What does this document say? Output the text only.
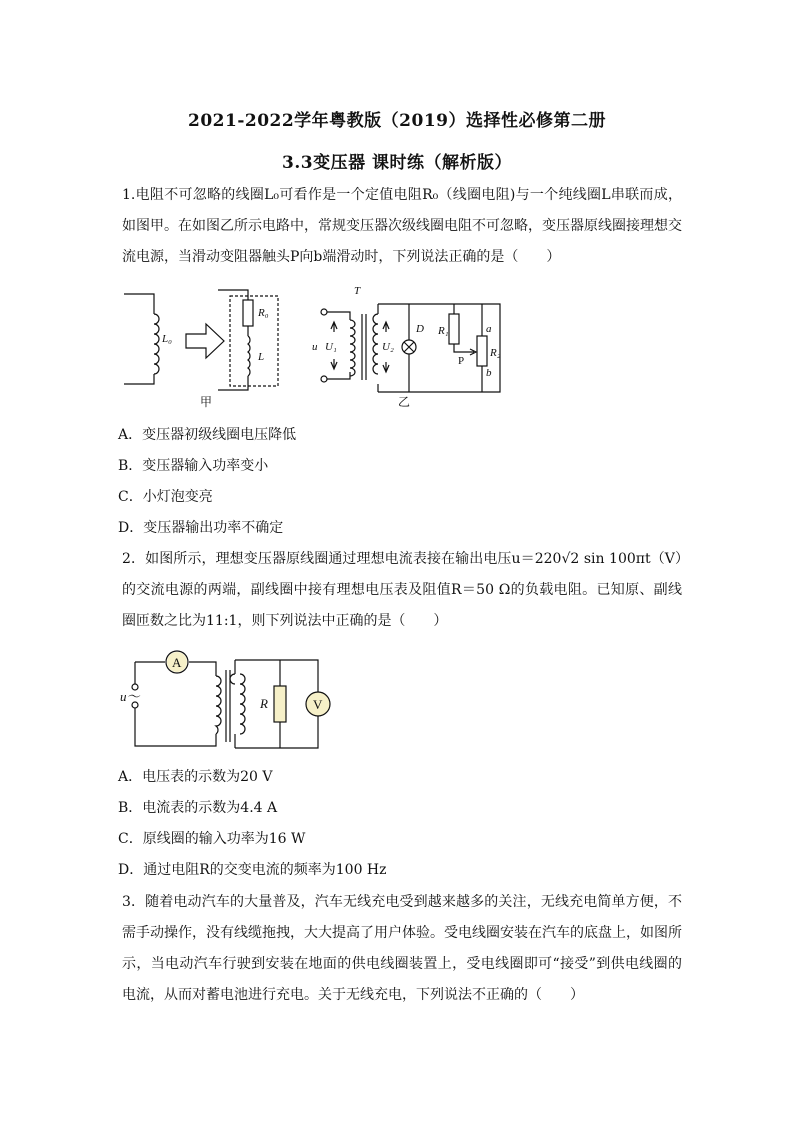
2021-2022学年粤教版（2019）选择性必修第二册
3.3变压器 课时练（解析版）
1.电阻不可忽略的线圈L₀可看作是一个定值电阻R₀（线圈电阻)与一个纯线圈L串联而成，如图甲。在如图乙所示电路中，常规变压器次级线圈电阻不可忽略，变压器原线圈接理想交流电源，当滑动变阻器触头P向b端滑动时，下列说法正确的是（　　）
L₀
R₀
L
T
u U₁	U₂
D R₁
R₂
a
b
P
甲	乙
A．变压器初级线圈电压降低
B．变压器输入功率变小
C．小灯泡变亮
D．变压器输出功率不确定
2．如图所示，理想变压器原线圈通过理想电流表接在输出电压u＝220√2 sin 100πt（V）的交流电源的两端，副线圈中接有理想电压表及阻值R＝50 Ω的负载电阻。已知原、副线圈匝数之比为11:1，则下列说法中正确的是（　　）
A
V
R
u～
A．电压表的示数为20 V
B．电流表的示数为4.4 A
C．原线圈的输入功率为16 W
D．通过电阻R的交变电流的频率为100 Hz
3．随着电动汽车的大量普及，汽车无线充电受到越来越多的关注，无线充电简单方便，不需手动操作，没有线缆拖拽，大大提高了用户体验。受电线圈安装在汽车的底盘上，如图所示，当电动汽车行驶到安装在地面的供电线圈装置上，受电线圈即可“接受”到供电线圈的电流，从而对蓄电池进行充电。关于无线充电，下列说法不正确的（　　）
